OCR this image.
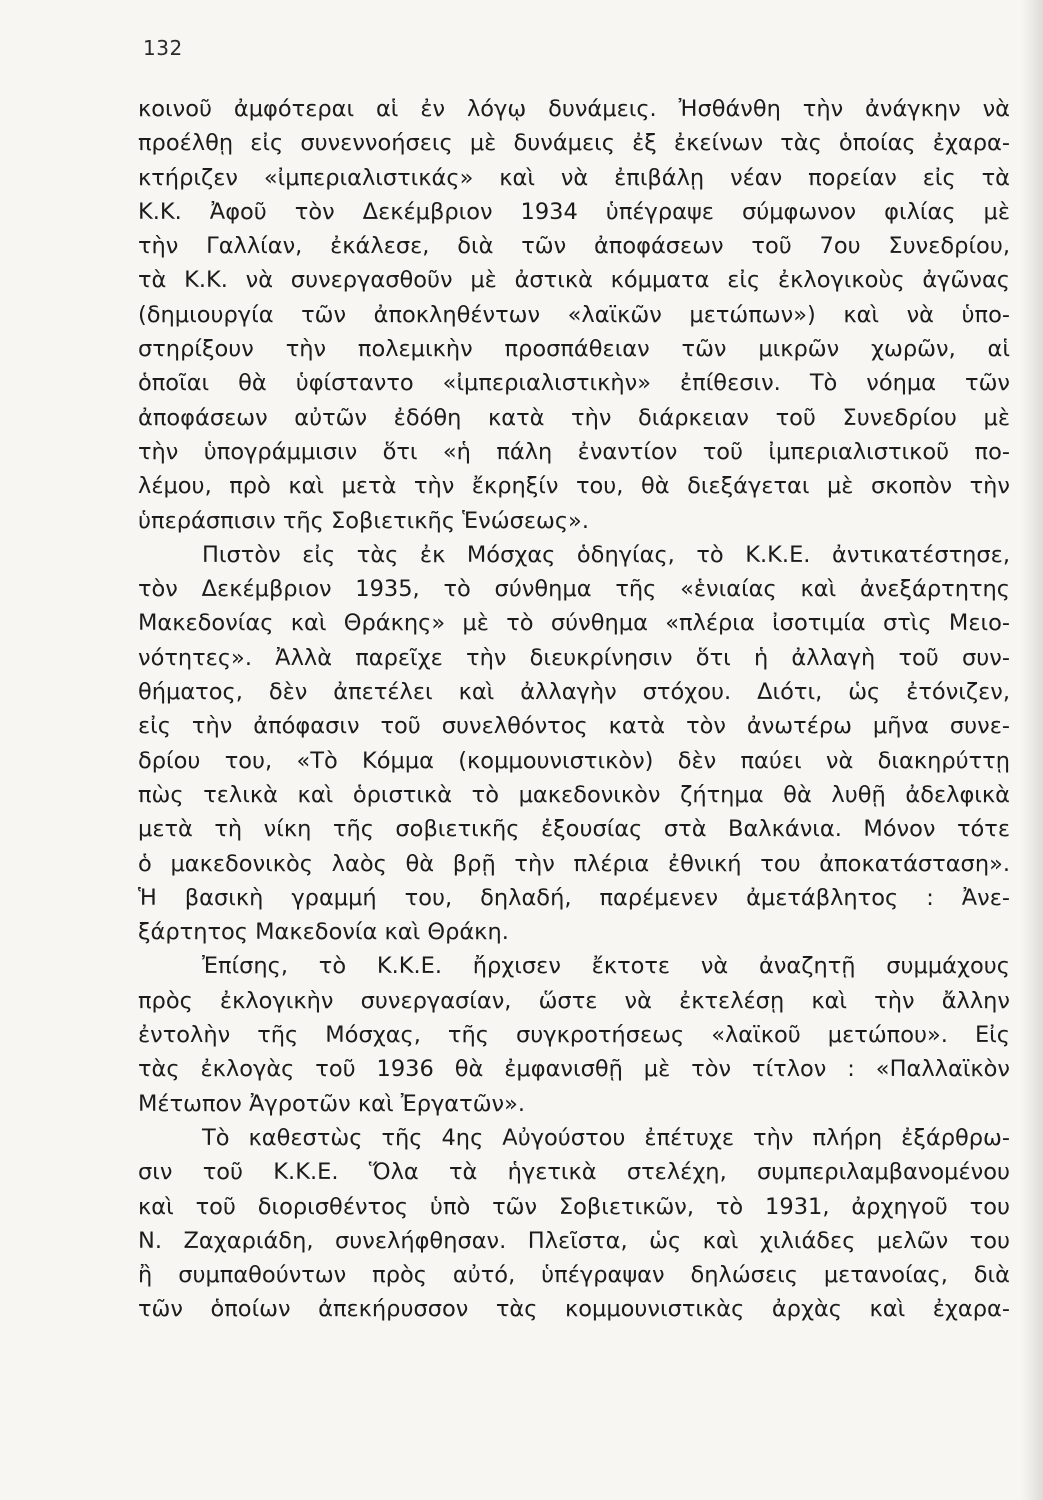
132
κοινοῦ ἀμφότεραι αἱ ἐν λόγῳ δυνάμεις. Ἠσθάνθη τὴν ἀνάγκην νὰ
προέλθῃ εἰς συνεννοήσεις μὲ δυνάμεις ἐξ ἐκείνων τὰς ὁποίας ἐχαρα-
κτήριζεν «ἰμπεριαλιστικάς» καὶ νὰ ἐπιβάλῃ νέαν πορείαν εἰς τὰ
Κ.Κ. Ἀφοῦ τὸν Δεκέμβριον 1934 ὑπέγραψε σύμφωνον φιλίας μὲ
τὴν Γαλλίαν, ἐκάλεσε, διὰ τῶν ἀποφάσεων τοῦ 7ου Συνεδρίου,
τὰ Κ.Κ. νὰ συνεργασθοῦν μὲ ἀστικὰ κόμματα εἰς ἐκλογικοὺς ἀγῶνας
(δημιουργία τῶν ἀποκληθέντων «λαϊκῶν μετώπων») καὶ νὰ ὑπο-
στηρίξουν τὴν πολεμικὴν προσπάθειαν τῶν μικρῶν χωρῶν, αἱ
ὁποῖαι θὰ ὑφίσταντο «ἰμπεριαλιστικὴν» ἐπίθεσιν. Τὸ νόημα τῶν
ἀποφάσεων αὐτῶν ἐδόθη κατὰ τὴν διάρκειαν τοῦ Συνεδρίου μὲ
τὴν ὑπογράμμισιν ὅτι «ἡ πάλη ἐναντίον τοῦ ἰμπεριαλιστικοῦ πο-
λέμου, πρὸ καὶ μετὰ τὴν ἔκρηξίν του, θὰ διεξάγεται μὲ σκοπὸν τὴν
ὑπεράσπισιν τῆς Σοβιετικῆς Ἑνώσεως».
Πιστὸν εἰς τὰς ἐκ Μόσχας ὁδηγίας, τὸ Κ.Κ.Ε. ἀντικατέστησε,
τὸν Δεκέμβριον 1935, τὸ σύνθημα τῆς «ἑνιαίας καὶ ἀνεξάρτητης
Μακεδονίας καὶ Θράκης» μὲ τὸ σύνθημα «πλέρια ἰσοτιμία στὶς Μειο-
νότητες». Ἀλλὰ παρεῖχε τὴν διευκρίνησιν ὅτι ἡ ἀλλαγὴ τοῦ συν-
θήματος, δὲν ἀπετέλει καὶ ἀλλαγὴν στόχου. Διότι, ὡς ἐτόνιζεν,
εἰς τὴν ἀπόφασιν τοῦ συνελθόντος κατὰ τὸν ἀνωτέρω μῆνα συνε-
δρίου του, «Τὸ Κόμμα (κομμουνιστικὸν) δὲν παύει νὰ διακηρύττῃ
πὼς τελικὰ καὶ ὁριστικὰ τὸ μακεδονικὸν ζήτημα θὰ λυθῇ ἀδελφικὰ
μετὰ τὴ νίκη τῆς σοβιετικῆς ἐξουσίας στὰ Βαλκάνια. Μόνον τότε
ὁ μακεδονικὸς λαὸς θὰ βρῇ τὴν πλέρια ἐθνική του ἀποκατάσταση».
Ἡ βασικὴ γραμμή του, δηλαδή, παρέμενεν ἀμετάβλητος : Ἀνε-
ξάρτητος Μακεδονία καὶ Θράκη.
Ἐπίσης, τὸ Κ.Κ.Ε. ἤρχισεν ἔκτοτε νὰ ἀναζητῇ συμμάχους
πρὸς ἐκλογικὴν συνεργασίαν, ὥστε νὰ ἐκτελέσῃ καὶ τὴν ἄλλην
ἐντολὴν τῆς Μόσχας, τῆς συγκροτήσεως «λαϊκοῦ μετώπου». Εἰς
τὰς ἐκλογὰς τοῦ 1936 θὰ ἐμφανισθῇ μὲ τὸν τίτλον : «Παλλαϊκὸν
Μέτωπον Ἀγροτῶν καὶ Ἐργατῶν».
Τὸ καθεστὼς τῆς 4ης Αὐγούστου ἐπέτυχε τὴν πλήρη ἐξάρθρω-
σιν τοῦ Κ.Κ.Ε. Ὅλα τὰ ἡγετικὰ στελέχη, συμπεριλαμβανομένου
καὶ τοῦ διορισθέντος ὑπὸ τῶν Σοβιετικῶν, τὸ 1931, ἀρχηγοῦ του
Ν. Ζαχαριάδη, συνελήφθησαν. Πλεῖστα, ὡς καὶ χιλιάδες μελῶν του
ἢ συμπαθούντων πρὸς αὐτό, ὑπέγραψαν δηλώσεις μετανοίας, διὰ
τῶν ὁποίων ἀπεκήρυσσον τὰς κομμουνιστικὰς ἀρχὰς καὶ ἐχαρα-
